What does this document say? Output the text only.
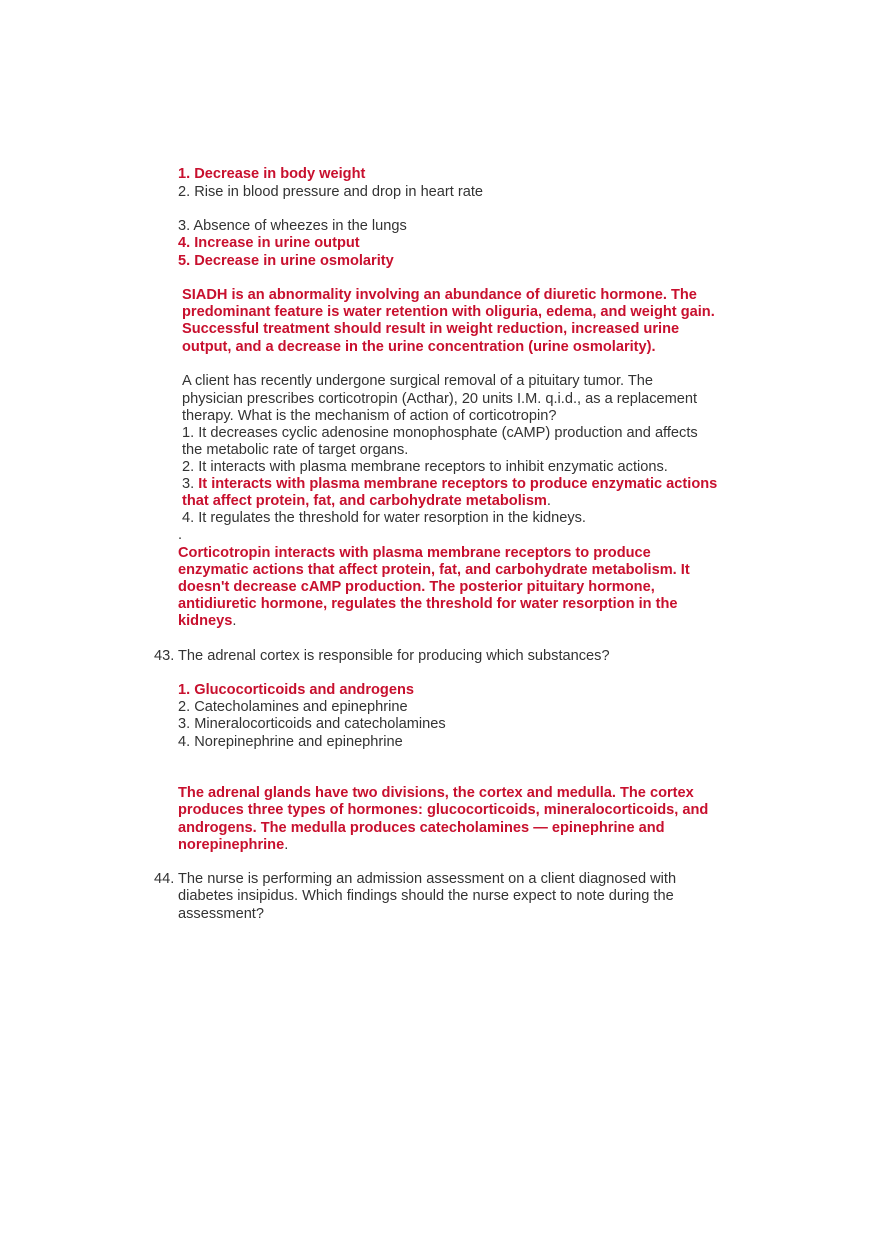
1. Decrease in body weight
2. Rise in blood pressure and drop in heart rate
3. Absence of wheezes in the lungs
4. Increase in urine output
5. Decrease in urine osmolarity
SIADH is an abnormality involving an abundance of diuretic hormone. The
predominant feature is water retention with oliguria, edema, and weight gain.
Successful treatment should result in weight reduction, increased urine
output, and a decrease in the urine concentration (urine osmolarity).
A client has recently undergone surgical removal of a pituitary tumor. The
physician prescribes corticotropin (Acthar), 20 units I.M. q.i.d., as a replacement
therapy. What is the mechanism of action of corticotropin?
1. It decreases cyclic adenosine monophosphate (cAMP) production and affects
the metabolic rate of target organs.
2. It interacts with plasma membrane receptors to inhibit enzymatic actions.
3. It interacts with plasma membrane receptors to produce enzymatic actions
that affect protein, fat, and carbohydrate metabolism.
4. It regulates the threshold for water resorption in the kidneys.
.
Corticotropin interacts with plasma membrane receptors to produce
enzymatic actions that affect protein, fat, and carbohydrate metabolism. It
doesn't decrease cAMP production. The posterior pituitary hormone,
antidiuretic hormone, regulates the threshold for water resorption in the
kidneys.
43. The adrenal cortex is responsible for producing which substances?
1. Glucocorticoids and androgens
2. Catecholamines and epinephrine
3. Mineralocorticoids and catecholamines
4. Norepinephrine and epinephrine
The adrenal glands have two divisions, the cortex and medulla. The cortex
produces three types of hormones: glucocorticoids, mineralocorticoids, and
androgens. The medulla produces catecholamines — epinephrine and
norepinephrine.
44. The nurse is performing an admission assessment on a client diagnosed with
diabetes insipidus. Which findings should the nurse expect to note during the
assessment?
